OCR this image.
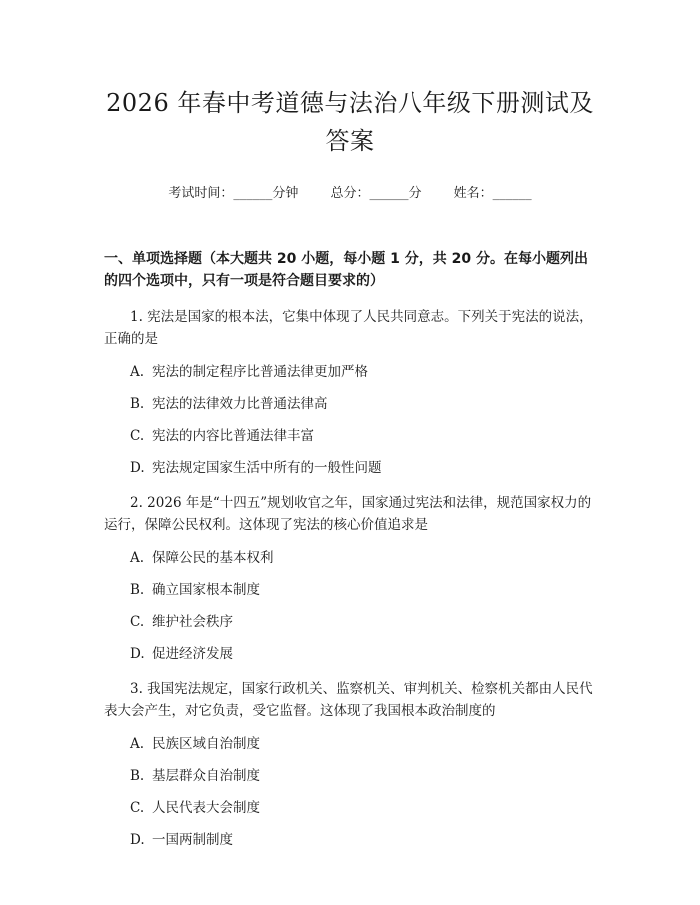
2026 年春中考道德与法治八年级下册测试及答案
考试时间：______分钟 总分：______分 姓名：______
一、单项选择题（本大题共 20 小题，每小题 1 分，共 20 分。在每小题列出的四个选项中，只有一项是符合题目要求的）
1. 宪法是国家的根本法，它集中体现了人民共同意志。下列关于宪法的说法，正确的是
A. 宪法的制定程序比普通法律更加严格
B. 宪法的法律效力比普通法律高
C. 宪法的内容比普通法律丰富
D. 宪法规定国家生活中所有的一般性问题
2. 2026 年是“十四五”规划收官之年，国家通过宪法和法律，规范国家权力的运行，保障公民权利。这体现了宪法的核心价值追求是
A. 保障公民的基本权利
B. 确立国家根本制度
C. 维护社会秩序
D. 促进经济发展
3. 我国宪法规定，国家行政机关、监察机关、审判机关、检察机关都由人民代表大会产生，对它负责，受它监督。这体现了我国根本政治制度的
A. 民族区域自治制度
B. 基层群众自治制度
C. 人民代表大会制度
D. 一国两制制度
